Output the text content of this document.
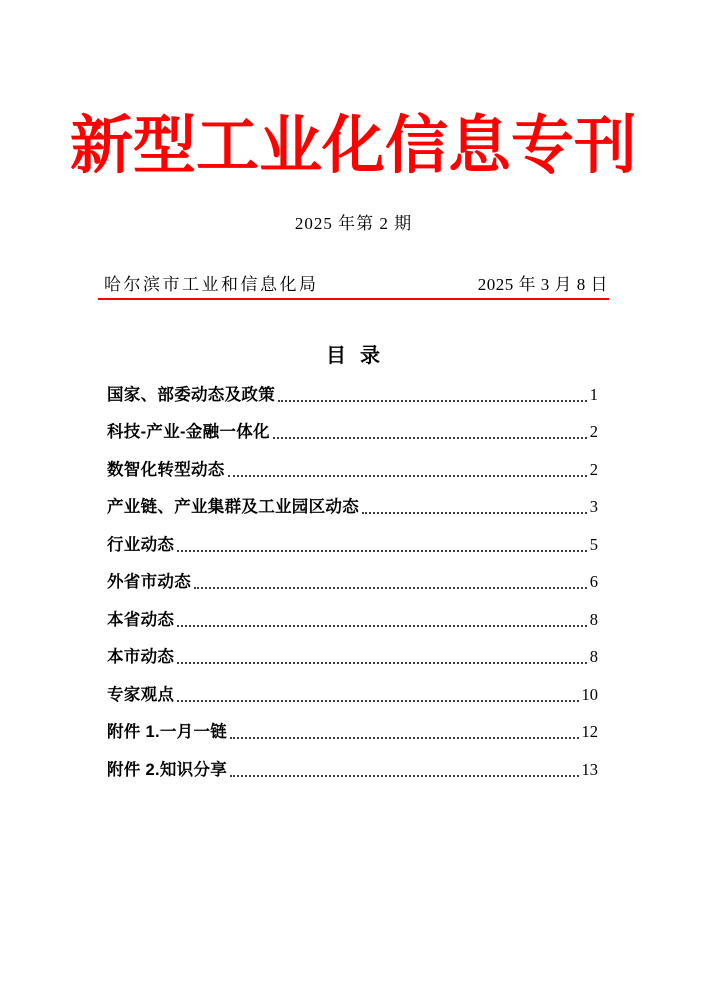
新型工业化信息专刊
2025 年第 2 期
哈尔滨市工业和信息化局	2025 年 3 月 8 日
目  录
国家、部委动态及政策	1
科技-产业-金融一体化	2
数智化转型动态	2
产业链、产业集群及工业园区动态	3
行业动态	5
外省市动态	6
本省动态	8
本市动态	8
专家观点	10
附件 1.一月一链	12
附件 2.知识分享	13
